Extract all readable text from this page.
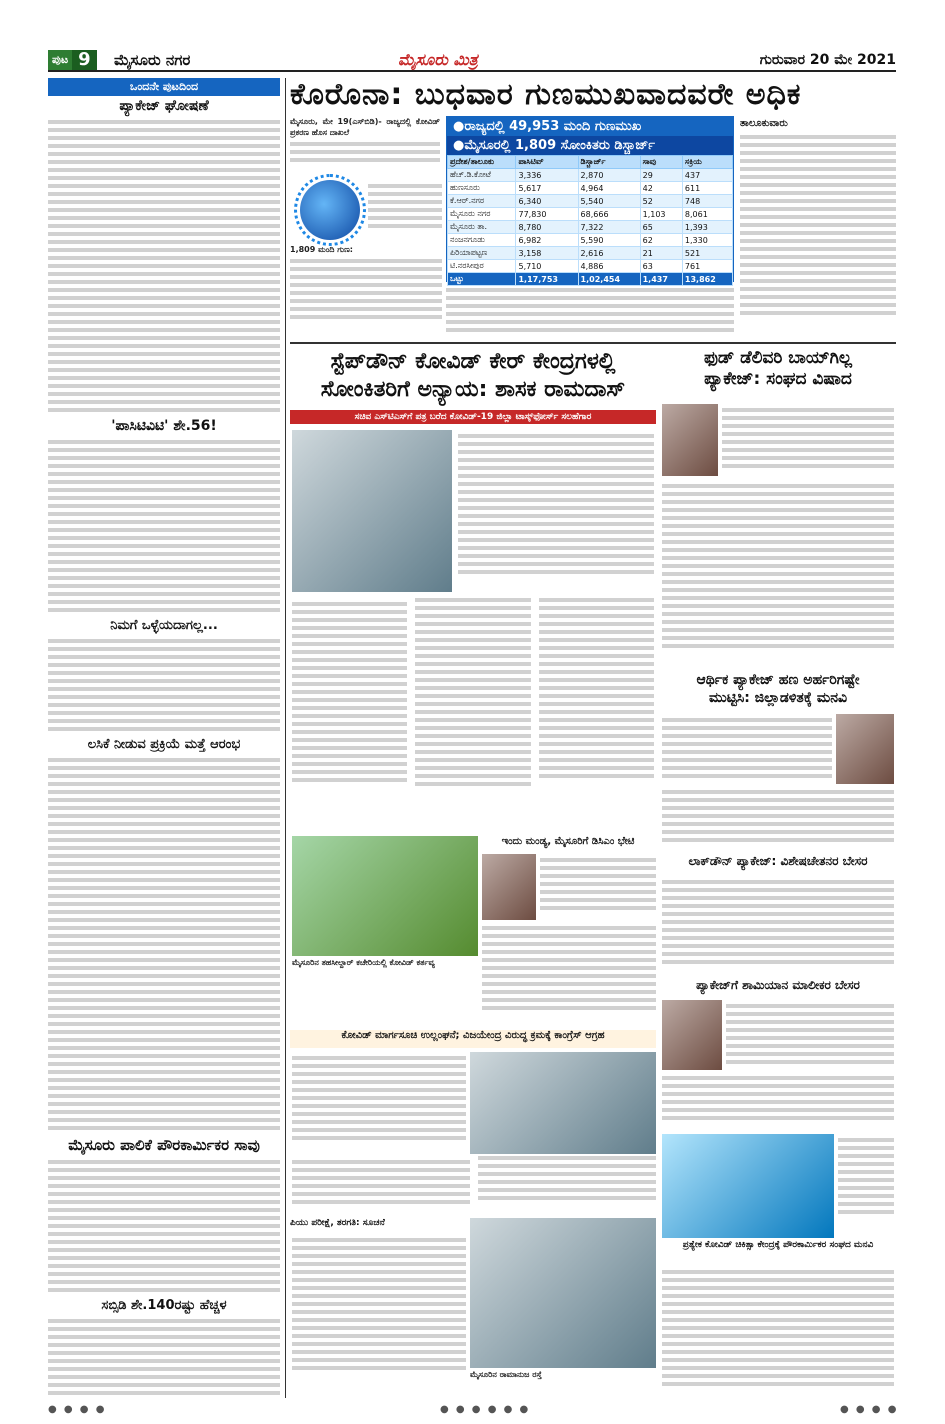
ಪುಟ 9	ಮೈಸೂರು ನಗರ	ಮೈಸೂರು ಮಿತ್ರ	ಗುರುವಾರ 20 ಮೇ 2021
ಒಂದನೇ ಪುಟದಿಂದ
ಪ್ಯಾಕೇಜ್ ಘೋಷಣೆ
'ಪಾಸಿಟಿವಿಟಿ' ಶೇ.56!
ನಿಮಗೆ ಒಳ್ಳೆಯದಾಗಲ್ಲ...
ಲಸಿಕೆ ನೀಡುವ ಪ್ರಕ್ರಿಯೆ ಮತ್ತೆ ಆರಂಭ
ಮೈಸೂರು ಪಾಲಿಕೆ ಪೌರಕಾರ್ಮಿಕರ ಸಾವು
ಸಬ್ಸಿಡಿ ಶೇ.140ರಷ್ಟು ಹೆಚ್ಚಳ
ಕೊರೊನಾ: ಬುಧವಾರ ಗುಣಮುಖವಾದವರೇ ಅಧಿಕ
ಮೈಸೂರು, ಮೇ 19(ಎಸ್‌ಬಿಡಿ)- ರಾಜ್ಯದಲ್ಲಿ ಕೋವಿಡ್ ಪ್ರಕರಣ ಹೊಸ ದಾಖಲೆ
1,809 ಮಂದಿ ಗುಣ:
●ರಾಜ್ಯದಲ್ಲಿ 49,953 ಮಂದಿ ಗುಣಮುಖ
●ಮೈಸೂರಲ್ಲಿ 1,809 ಸೋಂಕಿತರು ಡಿಸ್ಚಾರ್ಜ್
ಪ್ರದೇಶ/ತಾಲೂಕು	ಪಾಸಿಟಿವ್	ಡಿಸ್ಚಾರ್ಜ್	ಸಾವು	ಸಕ್ರಿಯ
ಹೆಚ್.ಡಿ.ಕೋಟೆ	3,336	2,870	29	437
ಹುಣಸೂರು	5,617	4,964	42	611
ಕೆ.ಆರ್.ನಗರ	6,340	5,540	52	748
ಮೈಸೂರು ನಗರ	77,830	68,666	1,103	8,061
ಮೈಸೂರು ತಾ.	8,780	7,322	65	1,393
ನಂಜನಗೂಡು	6,982	5,590	62	1,330
ಪಿರಿಯಾಪಟ್ಟಣ	3,158	2,616	21	521
ಟಿ.ನರಸೀಪುರ	5,710	4,886	63	761
ಒಟ್ಟು	1,17,753	1,02,454	1,437	13,862
ತಾಲೂಕುವಾರು
ಸ್ಟೆಪ್‌ಡೌನ್ ಕೋವಿಡ್ ಕೇರ್ ಕೇಂದ್ರಗಳಲ್ಲಿ
ಸೋಂಕಿತರಿಗೆ ಅನ್ಯಾಯ: ಶಾಸಕ ರಾಮದಾಸ್
ಸಚಿವ ಎಸ್‌ಟಿಎಸ್‌ಗೆ ಪತ್ರ ಬರೆದ ಕೋವಿಡ್-19 ಜಿಲ್ಲಾ ಟಾಸ್ಕ್‌ಫೋರ್ಸ್ ಸಲಹೆಗಾರ
ಫುಡ್ ಡೆಲಿವರಿ ಬಾಯ್‌ಗಿಲ್ಲ
ಪ್ಯಾಕೇಜ್: ಸಂಘದ ವಿಷಾದ
ಆರ್ಥಿಕ ಪ್ಯಾಕೇಜ್ ಹಣ ಅರ್ಹರಿಗಷ್ಟೇ
ಮುಟ್ಟಿಸಿ: ಜಿಲ್ಲಾಡಳಿತಕ್ಕೆ ಮನವಿ
ಲಾಕ್‌ಡೌನ್ ಪ್ಯಾಕೇಜ್: ವಿಶೇಷಚೇತನರ ಬೇಸರ
ಪ್ಯಾಕೇಜ್‌ಗೆ ಶಾಮಿಯಾನ ಮಾಲೀಕರ ಬೇಸರ
ಪ್ರತ್ಯೇಕ ಕೋವಿಡ್ ಚಿಕಿತ್ಸಾ ಕೇಂದ್ರಕ್ಕೆ ಪೌರಕಾರ್ಮಿಕರ ಸಂಘದ ಮನವಿ
ಮೈಸೂರಿನ ತಹಸೀಲ್ದಾರ್ ಕಚೇರಿಯಲ್ಲಿ ಕೋವಿಡ್ ಕರ್ತವ್ಯ
ಇಂದು ಮಂಡ್ಯ, ಮೈಸೂರಿಗೆ ಡಿಸಿಎಂ ಭೇಟಿ
ಕೋವಿಡ್ ಮಾರ್ಗಸೂಚಿ ಉಲ್ಲಂಘನೆ; ವಿಜಯೇಂದ್ರ ವಿರುದ್ಧ ಕ್ರಮಕ್ಕೆ ಕಾಂಗ್ರೆಸ್ ಆಗ್ರಹ
ಪಿಯು ಪರೀಕ್ಷೆ, ತರಗತಿ: ಸೂಚನೆ
ಮೈಸೂರಿನ ರಾಮಾನುಜ ರಸ್ತೆ
● ● ● ●	● ● ● ● ● ●	● ● ● ●
